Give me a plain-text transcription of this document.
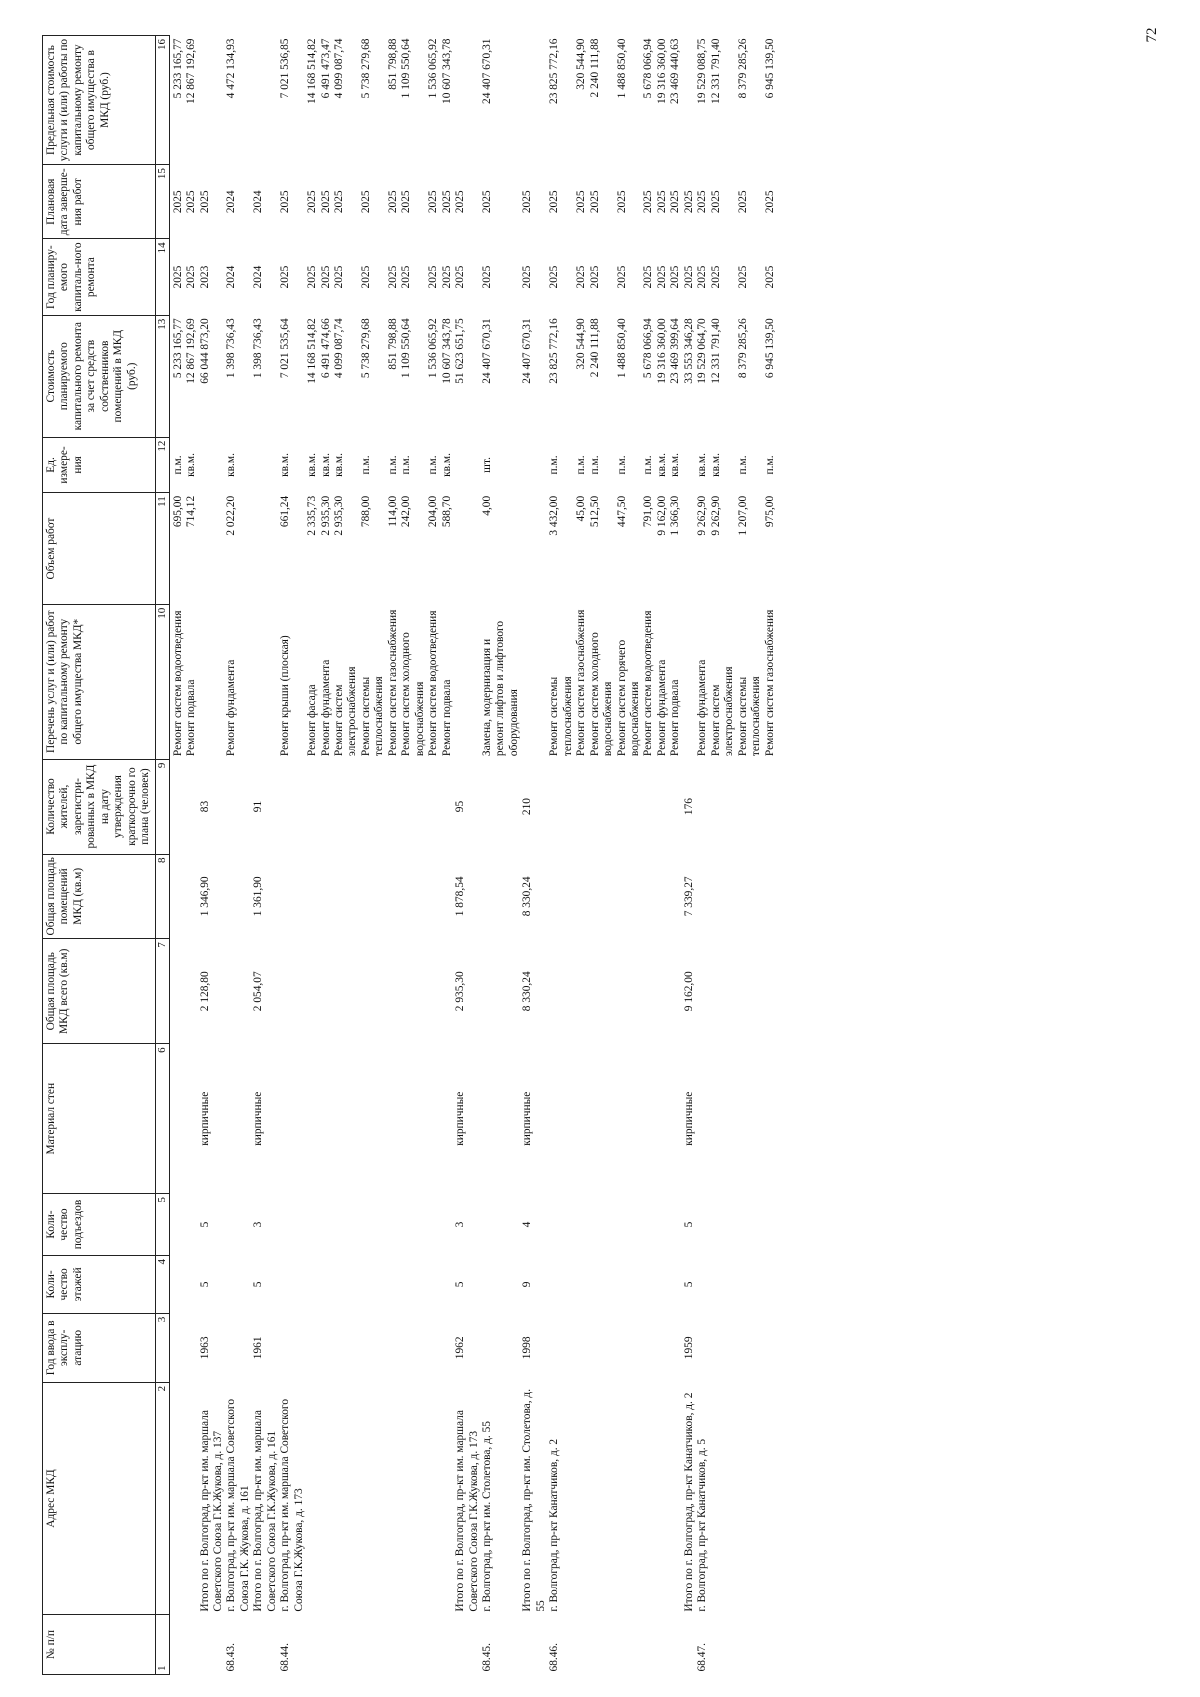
72
№ п/п	Адрес МКД	Год ввода в эксплу-атацию	Коли-чество этажей	Коли-чество подъездов	Материал стен	Общая площадь МКД всего (кв.м)	Общая площадь помещений МКД (кв.м)	Количество жителей, зарегистри-рованных в МКД на дату утверждения краткосрочно го плана (человек)	Перечень услуг и (или) работ по капитальному ремонту общего имущества МКД*	Объем работ	Ед. измере-ния	Стоимость планируемого капитального ремонта за счет средств собственников помещений в МКД (руб.)	Год планиру-емого капиталь-ного ремонта	Плановая дата заверше-ния работ	Предельная стоимость услуги и (или) работы по капитальному ремонту общего имущества в МКД (руб.)
1	2	3	4	5	6	7	8	9	10	11	12	13	14	15	16
									Ремонт систем водоотведения	695,00	п.м.	5 233 165,77	2025	2025	5 233 165,77
									Ремонт подвала	714,12	кв.м.	12 867 192,69	2025	2025	12 867 192,69
	Итого по г. Волгоград, пр-кт им. маршала Советского Союза Г.К.Жукова, д. 137	1963	5	5	кирпичные	2 128,80	1 346,90	83				66 044 873,20	2023	2025	
68.43.	г. Волгоград, пр-кт им. маршала Советского Союза Г.К. Жукова, д. 161								Ремонт фундамента	2 022,20	кв.м.	1 398 736,43	2024	2024	4 472 134,93
	Итого по г. Волгоград, пр-кт им. маршала Советского Союза Г.К.Жукова, д. 161	1961	5	3	кирпичные	2 054,07	1 361,90	91				1 398 736,43	2024	2024	
68.44.	г. Волгоград, пр-кт им. маршала Советского Союза Г.К.Жукова, д. 173								Ремонт крыши (плоская)	661,24	кв.м.	7 021 535,64	2025	2025	7 021 536,85
									Ремонт фасада	2 335,73	кв.м.	14 168 514,82	2025	2025	14 168 514,82
									Ремонт фундамента	2 935,30	кв.м.	6 491 474,66	2025	2025	6 491 473,47
									Ремонт систем электроснабжения	2 935,30	кв.м.	4 099 087,74	2025	2025	4 099 087,74
									Ремонт системы теплоснабжения	788,00	п.м.	5 738 279,68	2025	2025	5 738 279,68
									Ремонт систем газоснабжения	114,00	п.м.	851 798,88	2025	2025	851 798,88
									Ремонт систем холодного водоснабжения	242,00	п.м.	1 109 550,64	2025	2025	1 109 550,64
									Ремонт систем водоотведения	204,00	п.м.	1 536 065,92	2025	2025	1 536 065,92
									Ремонт подвала	588,70	кв.м.	10 607 343,78	2025	2025	10 607 343,78
	Итого по г. Волгоград, пр-кт им. маршала Советского Союза Г.К.Жукова, д. 173	1962	5	3	кирпичные	2 935,30	1 878,54	95				51 623 651,75	2025	2025	
68.45.	г. Волгоград, пр-кт им. Столетова, д. 55								Замена, модернизация и ремонт лифтов и лифтового оборудования	4,00	шт.	24 407 670,31	2025	2025	24 407 670,31
	Итого по г. Волгоград, пр-кт им. Столетова, д. 55	1998	9	4	кирпичные	8 330,24	8 330,24	210				24 407 670,31	2025	2025	
68.46.	г. Волгоград, пр-кт Канатчиков, д. 2								Ремонт системы теплоснабжения	3 432,00	п.м.	23 825 772,16	2025	2025	23 825 772,16
									Ремонт систем газоснабжения	45,00	п.м.	320 544,90	2025	2025	320 544,90
									Ремонт систем холодного водоснабжения	512,50	п.м.	2 240 111,88	2025	2025	2 240 111,88
									Ремонт систем горячего водоснабжения	447,50	п.м.	1 488 850,40	2025	2025	1 488 850,40
									Ремонт систем водоотведения	791,00	п.м.	5 678 066,94	2025	2025	5 678 066,94
									Ремонт фундамента	9 162,00	кв.м.	19 316 360,00	2025	2025	19 316 360,00
									Ремонт подвала	1 366,30	кв.м.	23 469 399,64	2025	2025	23 469 440,63
	Итого по г. Волгоград, пр-кт Канатчиков, д. 2	1959	5	5	кирпичные	9 162,00	7 339,27	176				33 553 346,28	2025	2025	
68.47.	г. Волгоград, пр-кт Канатчиков, д. 5								Ремонт фундамента	9 262,90	кв.м.	19 529 064,70	2025	2025	19 529 088,75
									Ремонт систем электроснабжения	9 262,90	кв.м.	12 331 791,40	2025	2025	12 331 791,40
									Ремонт системы теплоснабжения	1 207,00	п.м.	8 379 285,26	2025	2025	8 379 285,26
									Ремонт систем газоснабжения	975,00	п.м.	6 945 139,50	2025	2025	6 945 139,50
